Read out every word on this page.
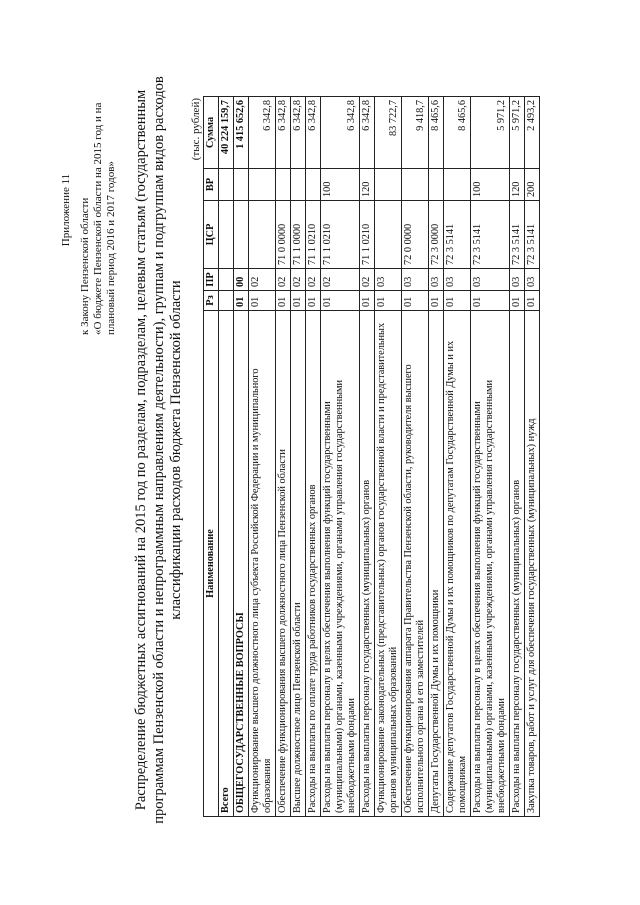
Приложение 11 к Закону Пензенской области «О бюджете Пензенской области на 2015 год и на плановый период 2016 и 2017 годов» Распределение бюджетных ассигнований на 2015 год по разделам, подразделам, целевым статьям (государственным программам Пензенской области и непрограммным направлениям деятельности), группам и подгруппам видов расходов классификации расходов бюджета Пензенской области
(тыс. рублей)
Наименование	Рз	ПР	ЦСР	ВР	Сумма
Всего					40 224 159,7
ОБЩЕГОСУДАРСТВЕННЫЕ ВОПРОСЫ	01	00			1 415 652,6
Функционирование высшего должностного лица субъекта Российской Федерации и муниципального образования	01	02			6 342,8
Обеспечение функционирования высшего должностного лица Пензенской области	01	02	71 0 0000		6 342,8
Высшее должностное лицо Пензенской области	01	02	71 1 0000		6 342,8
Расходы на выплаты по оплате труда работников государственных органов	01	02	71 1 0210		6 342,8
Расходы на выплаты персоналу в целях обеспечения выполнения функций государственными (муниципальными) органами, казенными учреждениями, органами управления государственными внебюджетными фондами	01	02	71 1 0210	100	6 342,8
Расходы на выплаты персоналу государственных (муниципальных) органов	01	02	71 1 0210	120	6 342,8
Функционирование законодательных (представительных) органов государственной власти и представительных органов муниципальных образований	01	03			83 722,7
Обеспечение функционирования аппарата Правительства Пензенской области, руководителя высшего исполнительного органа и его заместителей	01	03	72 0 0000		9 418,7
Депутаты Государственной Думы и их помощники	01	03	72 3 0000		8 465,6
Содержание депутатов Государственной Думы и их помощников по депутатам Государственной Думы и их помощникам	01	03	72 3 5141		8 465,6
Расходы на выплаты персоналу в целях обеспечения выполнения функций государственными (муниципальными) органами, казенными учреждениями, органами управления государственными внебюджетными фондами	01	03	72 3 5141	100	5 971,2
Расходы на выплаты персоналу государственных (муниципальных) органов	01	03	72 3 5141	120	5 971,2
Закупка товаров, работ и услуг для обеспечения государственных (муниципальных) нужд	01	03	72 3 5141	200	2 493,2
